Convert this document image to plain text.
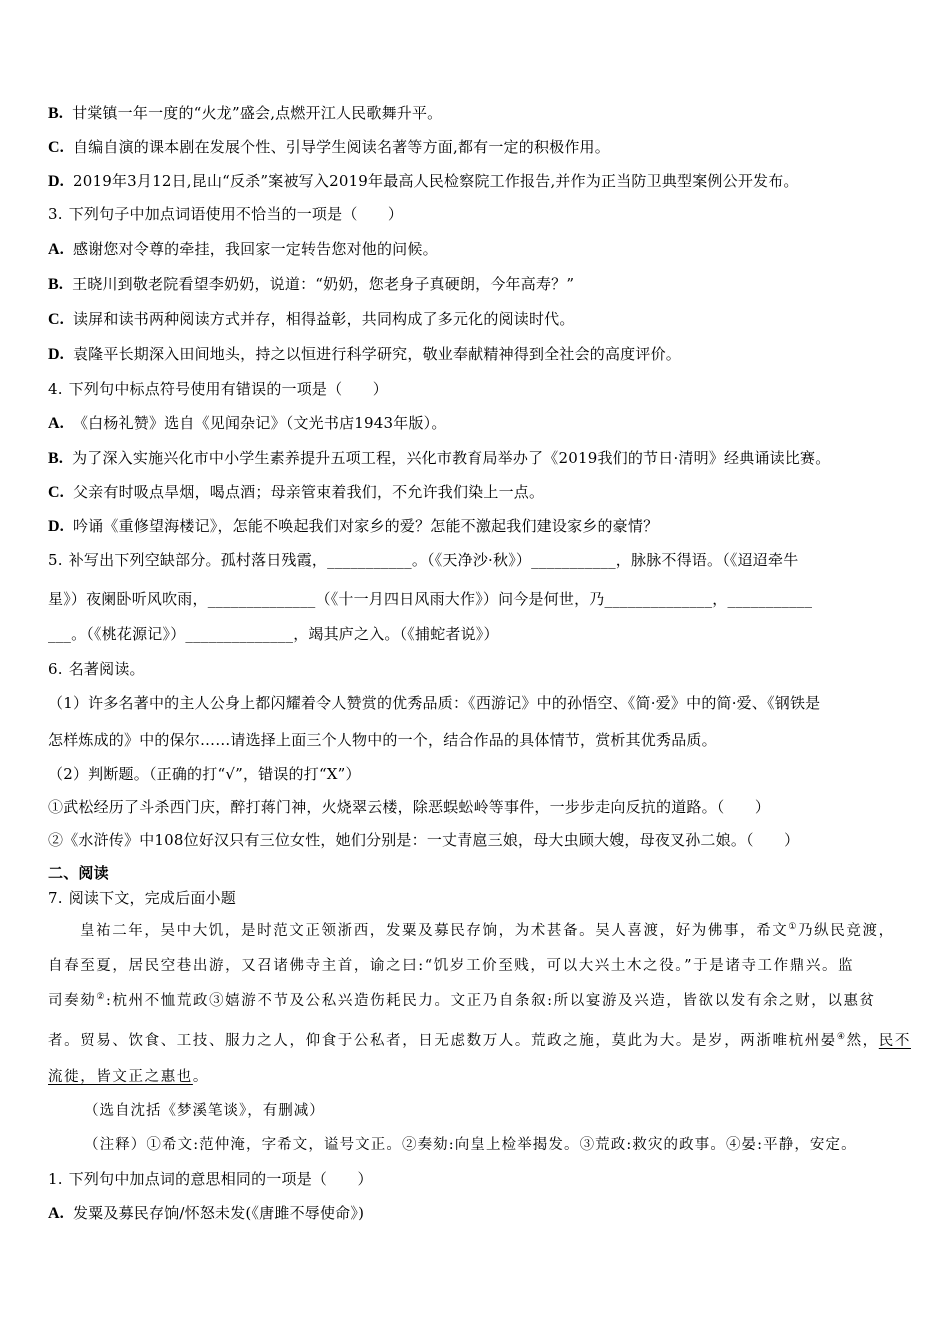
B. 甘棠镇一年一度的“火龙”盛会,点燃开江人民歌舞升平。
C. 自编自演的课本剧在发展个性、引导学生阅读名著等方面,都有一定的积极作用。
D. 2019年3月12日,昆山“反杀”案被写入2019年最高人民检察院工作报告,并作为正当防卫典型案例公开发布。
3. 下列句子中加点词语使用不恰当的一项是（　　）
A. 感谢您对令尊的牵挂，我回家一定转告您对他的问候。
B. 王晓川到敬老院看望李奶奶，说道：“奶奶，您老身子真硬朗，今年高寿？”
C. 读屏和读书两种阅读方式并存，相得益彰，共同构成了多元化的阅读时代。
D. 袁隆平长期深入田间地头，持之以恒进行科学研究，敬业奉献精神得到全社会的高度评价。
4. 下列句中标点符号使用有错误的一项是（　　）
A. 《白杨礼赞》选自《见闻杂记》（文光书店1943年版）。
B. 为了深入实施兴化市中小学生素养提升五项工程，兴化市教育局举办了《2019我们的节日·清明》经典诵读比赛。
C. 父亲有时吸点旱烟，喝点酒；母亲管束着我们，不允许我们染上一点。
D. 吟诵《重修望海楼记》，怎能不唤起我们对家乡的爱？怎能不激起我们建设家乡的豪情？
5. 补写出下列空缺部分。孤村落日残霞，___________。（《天净沙·秋》）___________，脉脉不得语。（《迢迢牵牛
星》）夜阑卧听风吹雨，______________（《十一月四日风雨大作》）问今是何世，乃______________，___________
___。（《桃花源记》）______________，竭其庐之入。（《捕蛇者说》）
6. 名著阅读。
（1）许多名著中的主人公身上都闪耀着令人赞赏的优秀品质：《西游记》中的孙悟空、《简·爱》中的简·爱、《钢铁是
怎样炼成的》中的保尔……请选择上面三个人物中的一个，结合作品的具体情节，赏析其优秀品质。
（2）判断题。（正确的打“√”，错误的打“X”）
①武松经历了斗杀西门庆，醉打蒋门神，火烧翠云楼，除恶蜈蚣岭等事件，一步步走向反抗的道路。（　　）
②《水浒传》中108位好汉只有三位女性，她们分别是：一丈青扈三娘，母大虫顾大嫂，母夜叉孙二娘。（　　）
二、阅读
7. 阅读下文，完成后面小题
皇祐二年，吴中大饥，是时范文正领浙西，发粟及募民存饷，为术甚备。吴人喜渡，好为佛事，希文①乃纵民竞渡，
自春至夏，居民空巷出游，又召诸佛寺主首，谕之曰:“饥岁工价至贱，可以大兴土木之役。”于是诸寺工作鼎兴。监
司奏劾②:杭州不恤荒政③嬉游不节及公私兴造伤耗民力。文正乃自条叙:所以宴游及兴造，皆欲以发有余之财，以惠贫
者。贸易、饮食、工技、服力之人，仰食于公私者，日无虑数万人。荒政之施，莫此为大。是岁，两浙唯杭州晏④然，民不
流徙，皆文正之惠也。
（选自沈括《梦溪笔谈》，有删减）
（注释）①希文:范仲淹，字希文，谥号文正。②奏劾:向皇上检举揭发。③荒政:救灾的政事。④晏:平静，安定。
1. 下列句中加点词的意思相同的一项是（　　）
A. 发粟及募民存饷/怀怒未发(《唐雎不辱使命》)
